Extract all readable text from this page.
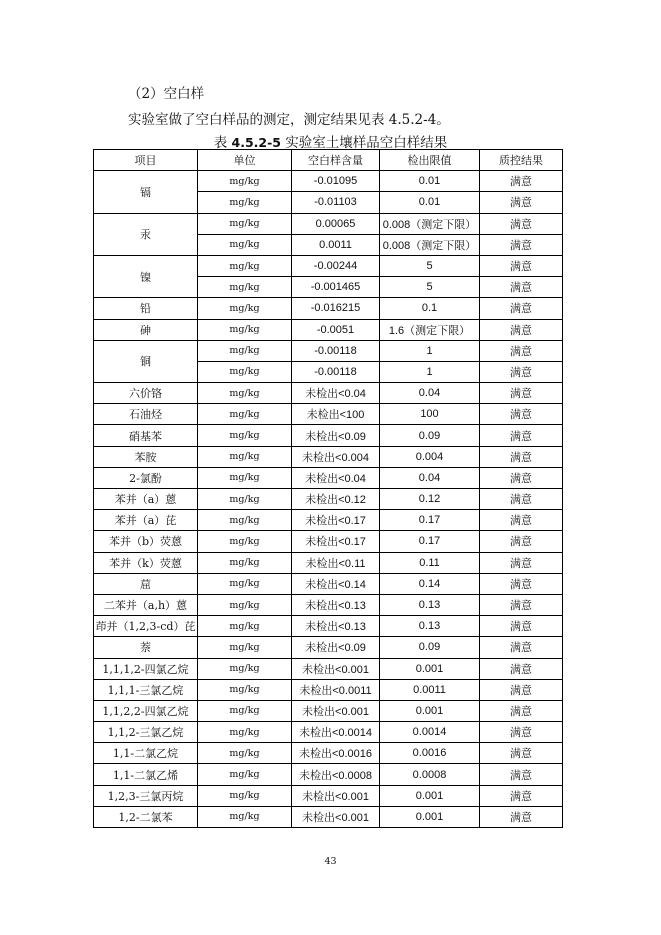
（2）空白样
实验室做了空白样品的测定，测定结果见表 4.5.2-4。
表 4.5.2-5 实验室土壤样品空白样结果
项目	单位	空白样含量	检出限值	质控结果
镉	mg/kg	-0.01095	0.01	满意
	mg/kg	-0.01103	0.01	满意
汞	mg/kg	0.00065	0.008（测定下限）	满意
	mg/kg	0.0011	0.008（测定下限）	满意
镍	mg/kg	-0.00244	5	满意
	mg/kg	-0.001465	5	满意
铅	mg/kg	-0.016215	0.1	满意
砷	mg/kg	-0.0051	1.6（测定下限）	满意
铜	mg/kg	-0.00118	1	满意
	mg/kg	-0.00118	1	满意
六价铬	mg/kg	未检出<0.04	0.04	满意
石油烃	mg/kg	未检出<100	100	满意
硝基苯	mg/kg	未检出<0.09	0.09	满意
苯胺	mg/kg	未检出<0.004	0.004	满意
2-氯酚	mg/kg	未检出<0.04	0.04	满意
苯并（a）蒽	mg/kg	未检出<0.12	0.12	满意
苯并（a）芘	mg/kg	未检出<0.17	0.17	满意
苯并（b）荧蒽	mg/kg	未检出<0.17	0.17	满意
苯并（k）荧蒽	mg/kg	未检出<0.11	0.11	满意
䓛	mg/kg	未检出<0.14	0.14	满意
二苯并（a,h）蒽	mg/kg	未检出<0.13	0.13	满意
茚并（1,2,3-cd）芘	mg/kg	未检出<0.13	0.13	满意
萘	mg/kg	未检出<0.09	0.09	满意
1,1,1,2-四氯乙烷	mg/kg	未检出<0.001	0.001	满意
1,1,1-三氯乙烷	mg/kg	未检出<0.0011	0.0011	满意
1,1,2,2-四氯乙烷	mg/kg	未检出<0.001	0.001	满意
1,1,2-三氯乙烷	mg/kg	未检出<0.0014	0.0014	满意
1,1-二氯乙烷	mg/kg	未检出<0.0016	0.0016	满意
1,1-二氯乙烯	mg/kg	未检出<0.0008	0.0008	满意
1,2,3-三氯丙烷	mg/kg	未检出<0.001	0.001	满意
1,2-二氯苯	mg/kg	未检出<0.001	0.001	满意
43
